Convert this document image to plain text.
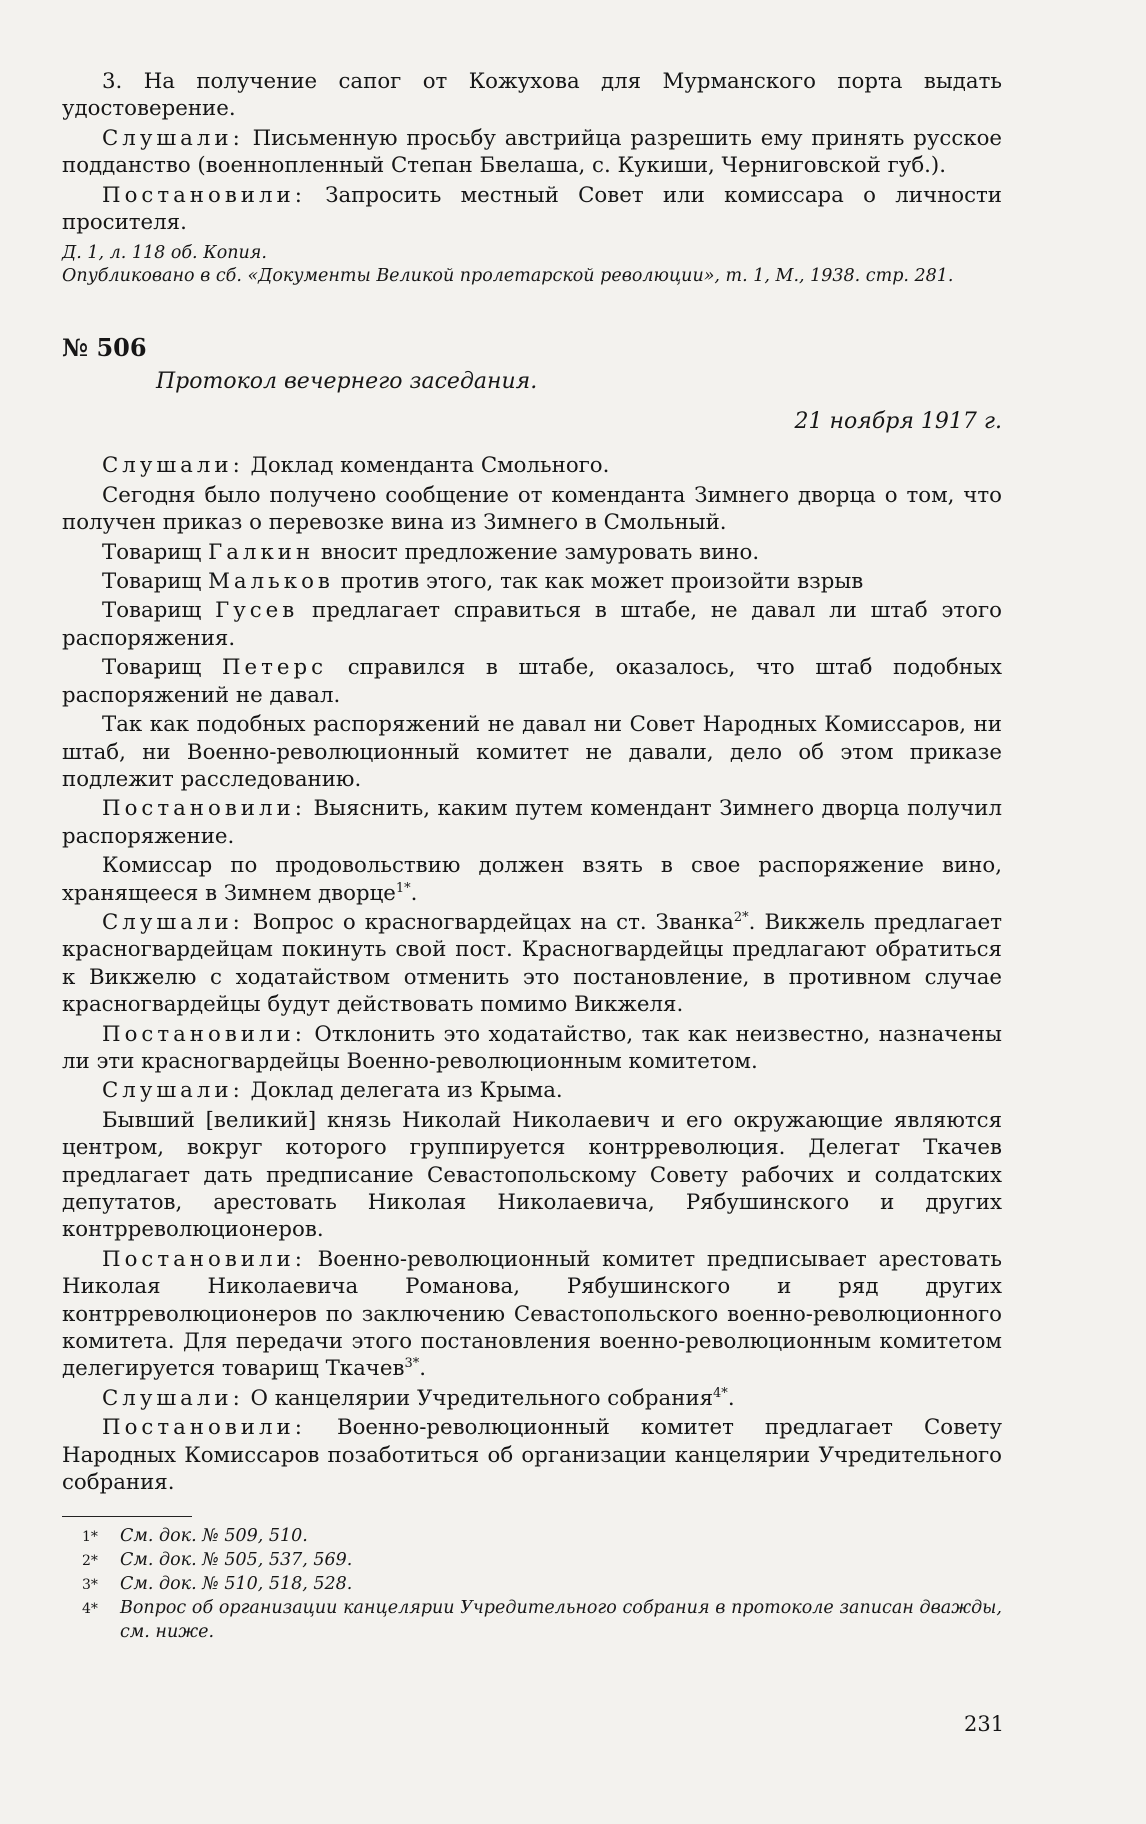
3. На получение сапог от Кожухова для Мурманского порта выдать удостоверение.

Слушали: Письменную просьбу австрийца разрешить ему принять русское подданство (военнопленный Степан Бвелаша, с. Кукиши, Черниговской губ.).

Постановили: Запросить местный Совет или комиссара о личности просителя.

Д. 1, л. 118 об. Копия.

Опубликовано в сб. «Документы Великой пролетарской революции», т. 1, М., 1938. стр. 281.

№ 506
Протокол вечернего заседания.
21 ноября 1917 г.

Слушали: Доклад коменданта Смольного.

Сегодня было получено сообщение от коменданта Зимнего дворца о том, что получен приказ о перевозке вина из Зимнего в Смольный.

Товарищ Галкин вносит предложение замуровать вино.

Товарищ Мальков против этого, так как может произойти взрыв

Товарищ Гусев предлагает справиться в штабе, не давал ли штаб этого распоряжения.

Товарищ Петерс справился в штабе, оказалось, что штаб подобных распоряжений не давал.

Так как подобных распоряжений не давал ни Совет Народных Комиссаров, ни штаб, ни Военно-революционный комитет не давали, дело об этом приказе подлежит расследованию.

Постановили: Выяснить, каким путем комендант Зимнего дворца получил распоряжение.

Комиссар по продовольствию должен взять в свое распоряжение вино, хранящееся в Зимнем дворце$^{1*}$.

Слушали: Вопрос о красногвардейцах на ст. Званка$^{2*}$. Викжель предлагает красногвардейцам покинуть свой пост. Красногвардейцы предлагают обратиться к Викжелю с ходатайством отменить это постановление, в противном случае красногвардейцы будут действовать помимо Викжеля.

Постановили: Отклонить это ходатайство, так как неизвестно, назначены ли эти красногвардейцы Военно-революционным комитетом.

Слушали: Доклад делегата из Крыма.

Бывший [великий] князь Николай Николаевич и его окружающие являются центром, вокруг которого группируется контрреволюция. Делегат Ткачев предлагает дать предписание Севастопольскому Совету рабочих и солдатских депутатов, арестовать Николая Николаевича, Рябушинского и других контрреволюционеров.

Постановили: Военно-революционный комитет предписывает арестовать Николая Николаевича Романова, Рябушинского и ряд других контрреволюционеров по заключению Севастопольского военно-революционного комитета. Для передачи этого постановления военно-революционным комитетом делегируется товарищ Ткачев$^{3*}$.

Слушали: О канцелярии Учредительного собрания$^{4*}$.

Постановили: Военно-революционный комитет предлагает Совету Народных Комиссаров позаботиться об организации канцелярии Учредительного собрания.

1* См. док. № 509, 510.

2* См. док. № 505, 537, 569.

3* См. док. № 510, 518, 528.

4* Вопрос об организации канцелярии Учредительного собрания в протоколе записан дважды, см. ниже.

231
